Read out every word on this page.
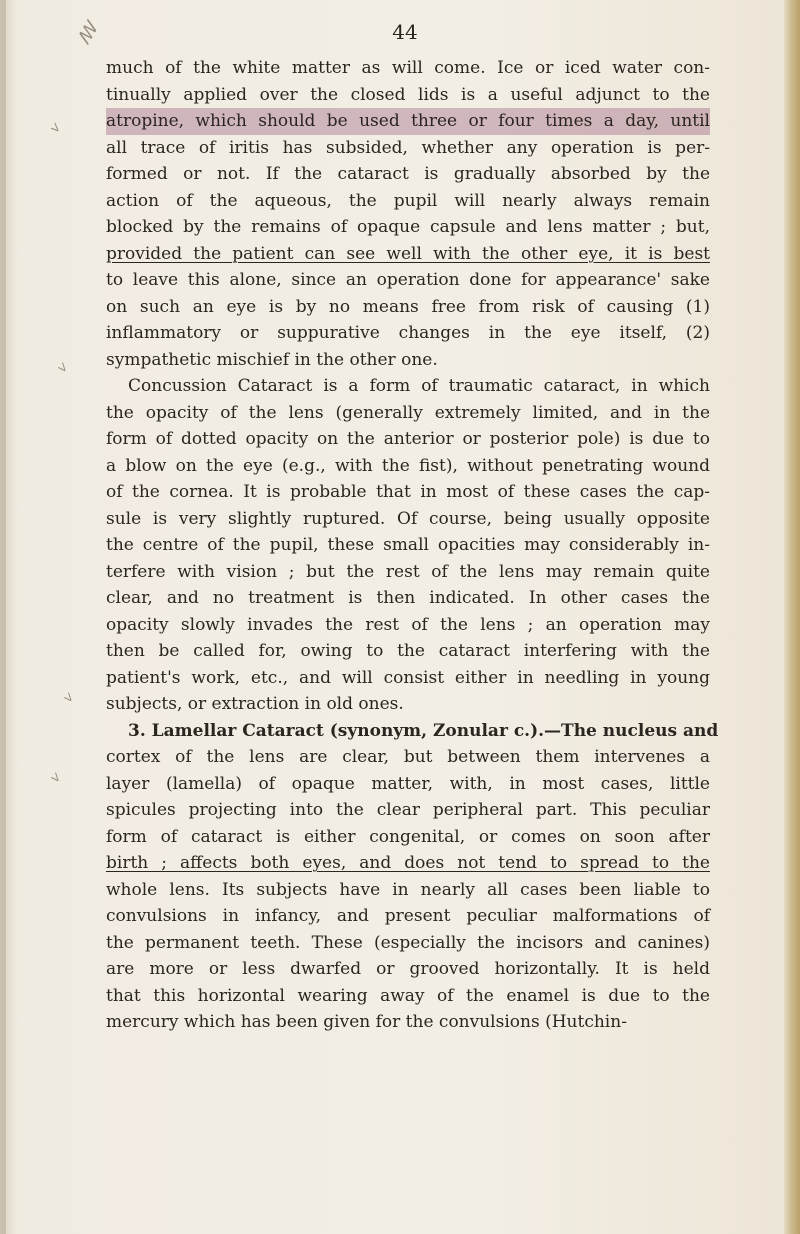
ꟿ
ⱽ
ⱽ
ⱽ
ⱽ
44
much of the white matter as will come. Ice or iced water con-
tinually applied over the closed lids is a useful adjunct to the
atropine, which should be used three or four times a day, until
all trace of iritis has subsided, whether any operation is per-
formed or not. If the cataract is gradually absorbed by the
action of the aqueous, the pupil will nearly always remain
blocked by the remains of opaque capsule and lens matter ; but,
provided the patient can see well with the other eye, it is best
to leave this alone, since an operation done for appearance' sake
on such an eye is by no means free from risk of causing (1)
inflammatory or suppurative changes in the eye itself, (2)
sympathetic mischief in the other one.
Concussion Cataract is a form of traumatic cataract, in which
the opacity of the lens (generally extremely limited, and in the
form of dotted opacity on the anterior or posterior pole) is due to
a blow on the eye (e.g., with the fist), without penetrating wound
of the cornea. It is probable that in most of these cases the cap-
sule is very slightly ruptured. Of course, being usually opposite
the centre of the pupil, these small opacities may considerably in-
terfere with vision ; but the rest of the lens may remain quite
clear, and no treatment is then indicated. In other cases the
opacity slowly invades the rest of the lens ; an operation may
then be called for, owing to the cataract interfering with the
patient's work, etc., and will consist either in needling in young
subjects, or extraction in old ones.
3. Lamellar Cataract (synonym, Zonular c.).—The nucleus and
cortex of the lens are clear, but between them intervenes a
layer (lamella) of opaque matter, with, in most cases, little
spicules projecting into the clear peripheral part. This peculiar
form of cataract is either congenital, or comes on soon after
birth ; affects both eyes, and does not tend to spread to the
whole lens. Its subjects have in nearly all cases been liable to
convulsions in infancy, and present peculiar malformations of
the permanent teeth. These (especially the incisors and canines)
are more or less dwarfed or grooved horizontally. It is held
that this horizontal wearing away of the enamel is due to the
mercury which has been given for the convulsions (Hutchin-
